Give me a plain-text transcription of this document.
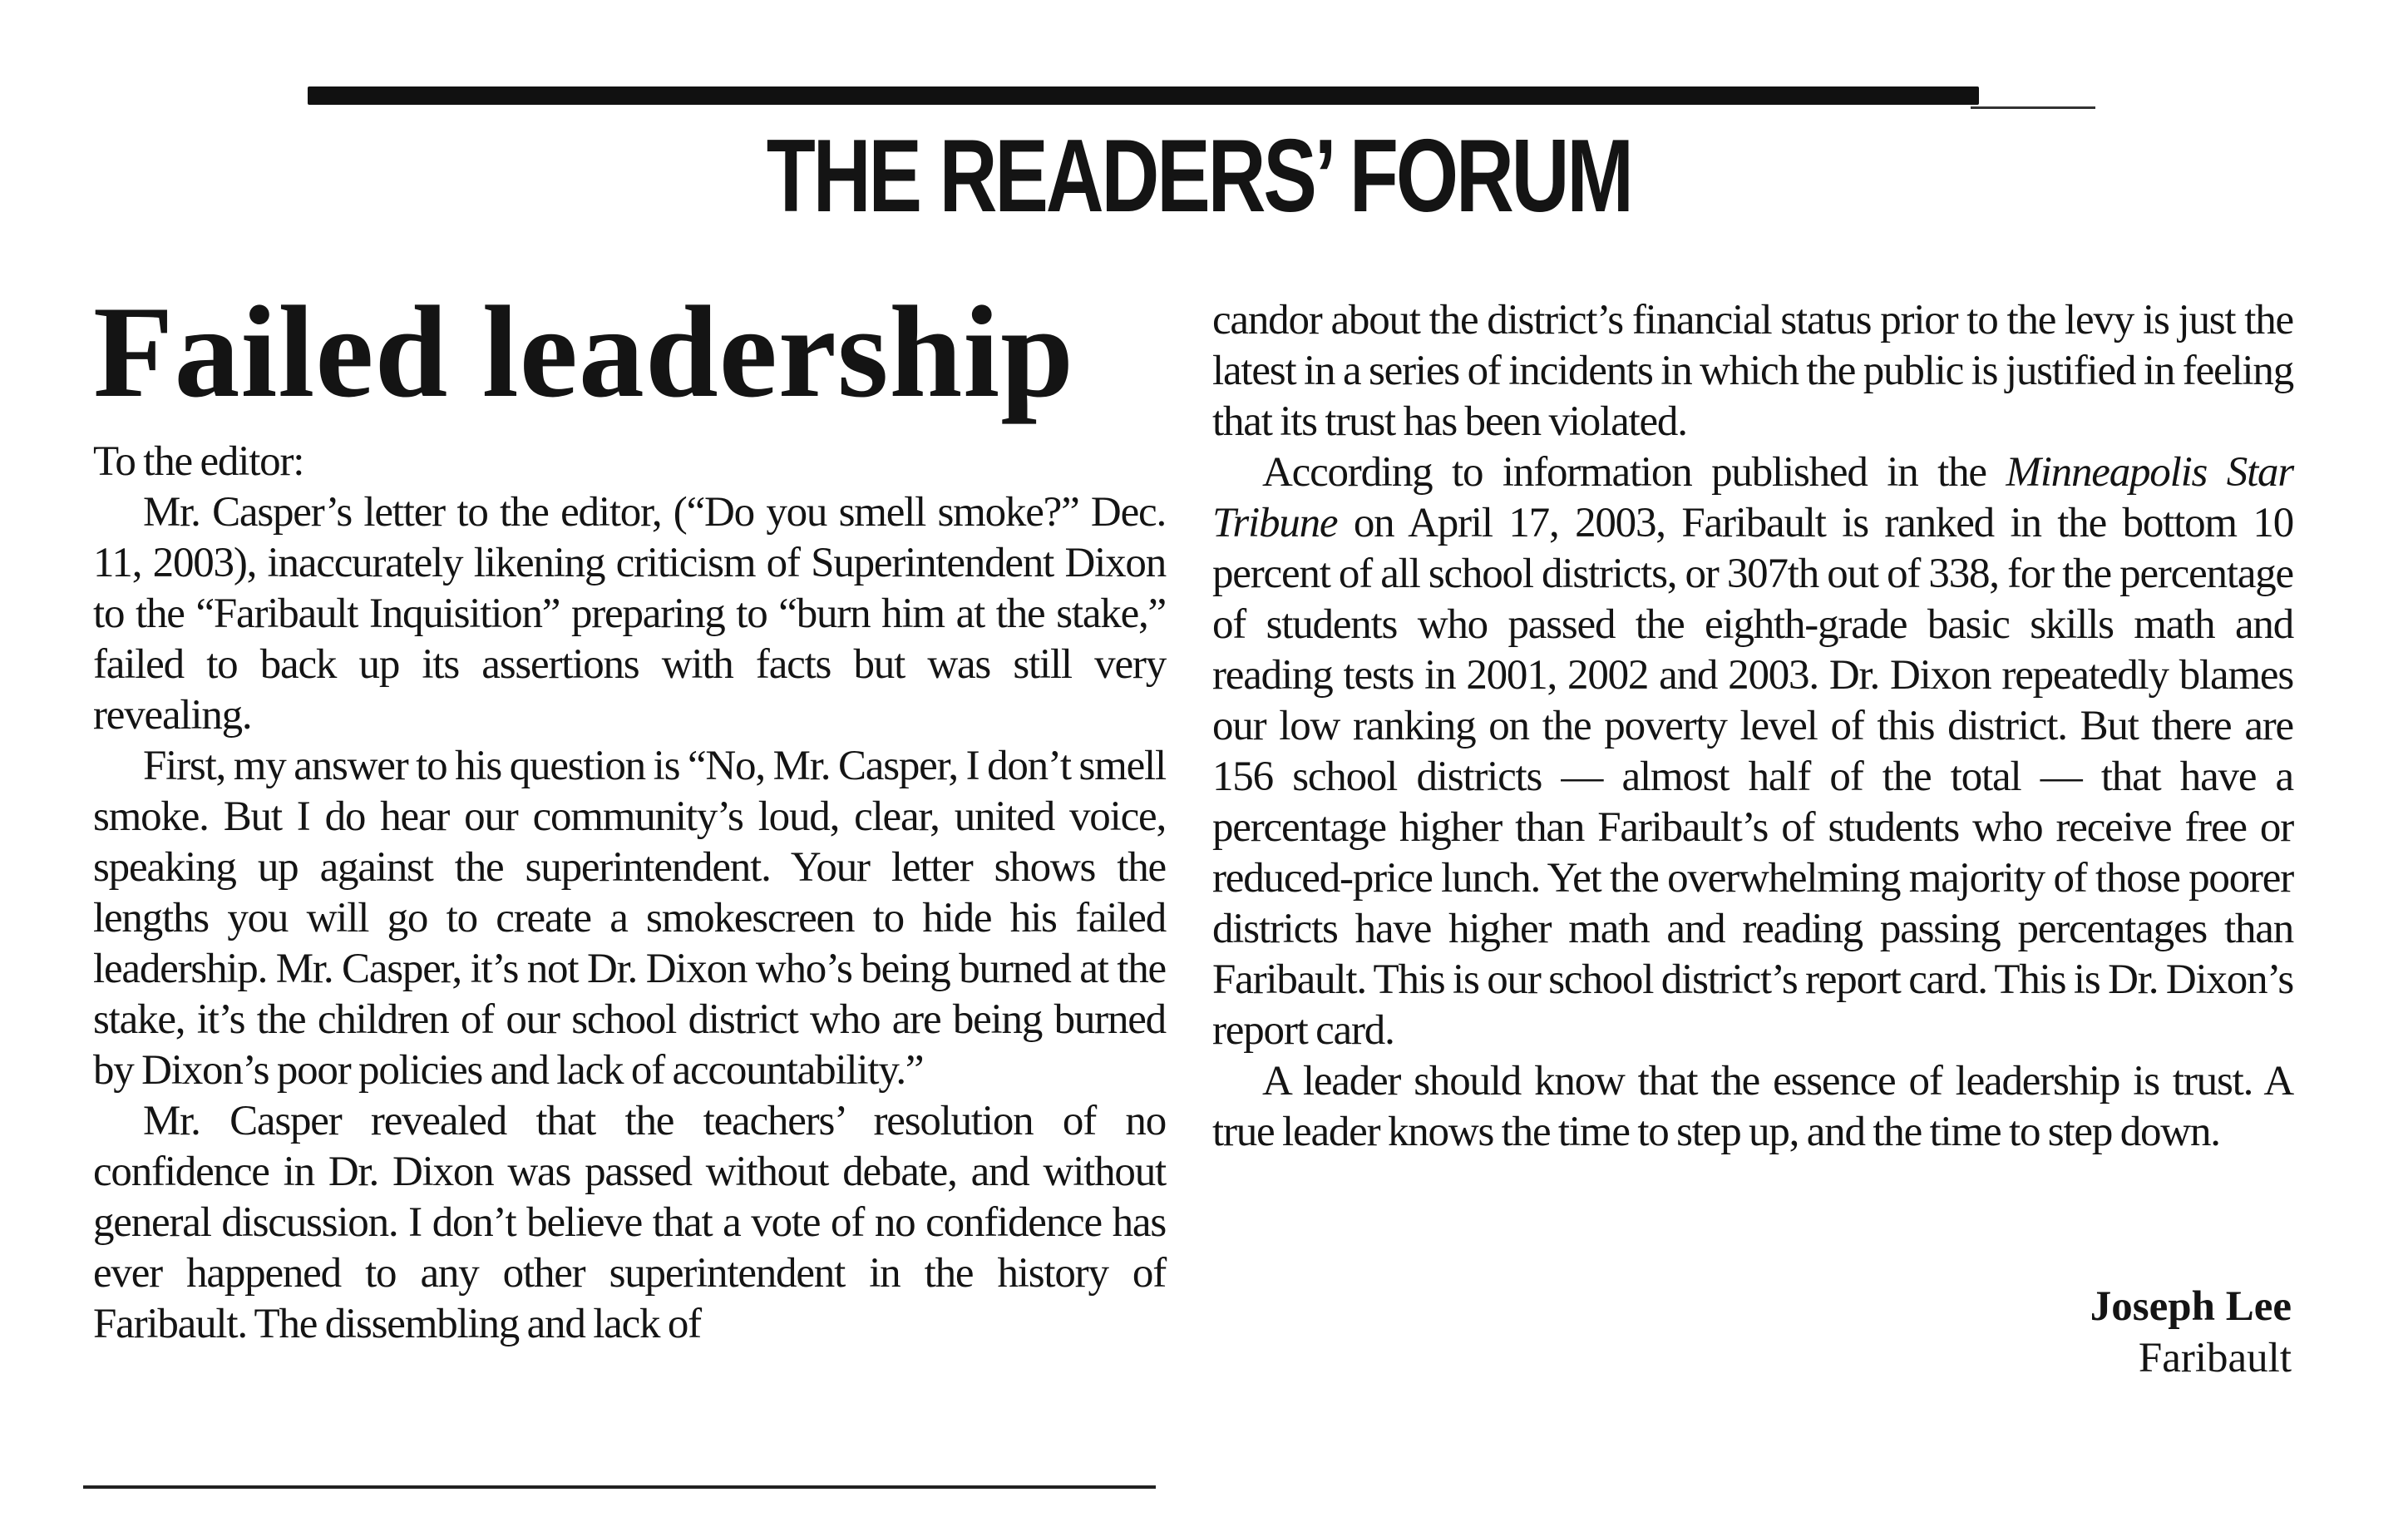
THE READERS’ FORUM
Failed leadership

To the editor:

Mr. Casper’s letter to the editor, (“Do you smell smoke?” Dec. 11, 2003), inaccurately likening criticism of Superintendent Dixon to the “Faribault Inquisition” preparing to “burn him at the stake,” failed to back up its assertions with facts but was still very revealing.

First, my answer to his question is “No, Mr. Casper, I don’t smell smoke. But I do hear our community’s loud, clear, united voice, speaking up against the superintendent. Your letter shows the lengths you will go to create a smokescreen to hide his failed leadership. Mr. Casper, it’s not Dr. Dixon who’s being burned at the stake, it’s the children of our school district who are being burned by Dixon’s poor policies and lack of accountability.”

Mr. Casper revealed that the teachers’ resolution of no confidence in Dr. Dixon was passed without debate, and without general discussion. I don’t believe that a vote of no confidence has ever happened to any other superintendent in the history of Faribault. The dissembling and lack of

candor about the district’s financial status prior to the levy is just the latest in a series of incidents in which the public is justified in feeling that its trust has been violated.

According to information published in the Minneapolis Star Tribune on April 17, 2003, Faribault is ranked in the bottom 10 percent of all school districts, or 307th out of 338, for the percentage of students who passed the eighth-grade basic skills math and reading tests in 2001, 2002 and 2003. Dr. Dixon repeatedly blames our low ranking on the poverty level of this district. But there are 156 school districts — almost half of the total — that have a percentage higher than Faribault’s of students who receive free or reduced-price lunch. Yet the overwhelming majority of those poorer districts have higher math and reading passing percentages than Faribault. This is our school district’s report card. This is Dr. Dixon’s report card.

A leader should know that the essence of leadership is trust. A true leader knows the time to step up, and the time to step down.

Joseph Lee
Faribault
